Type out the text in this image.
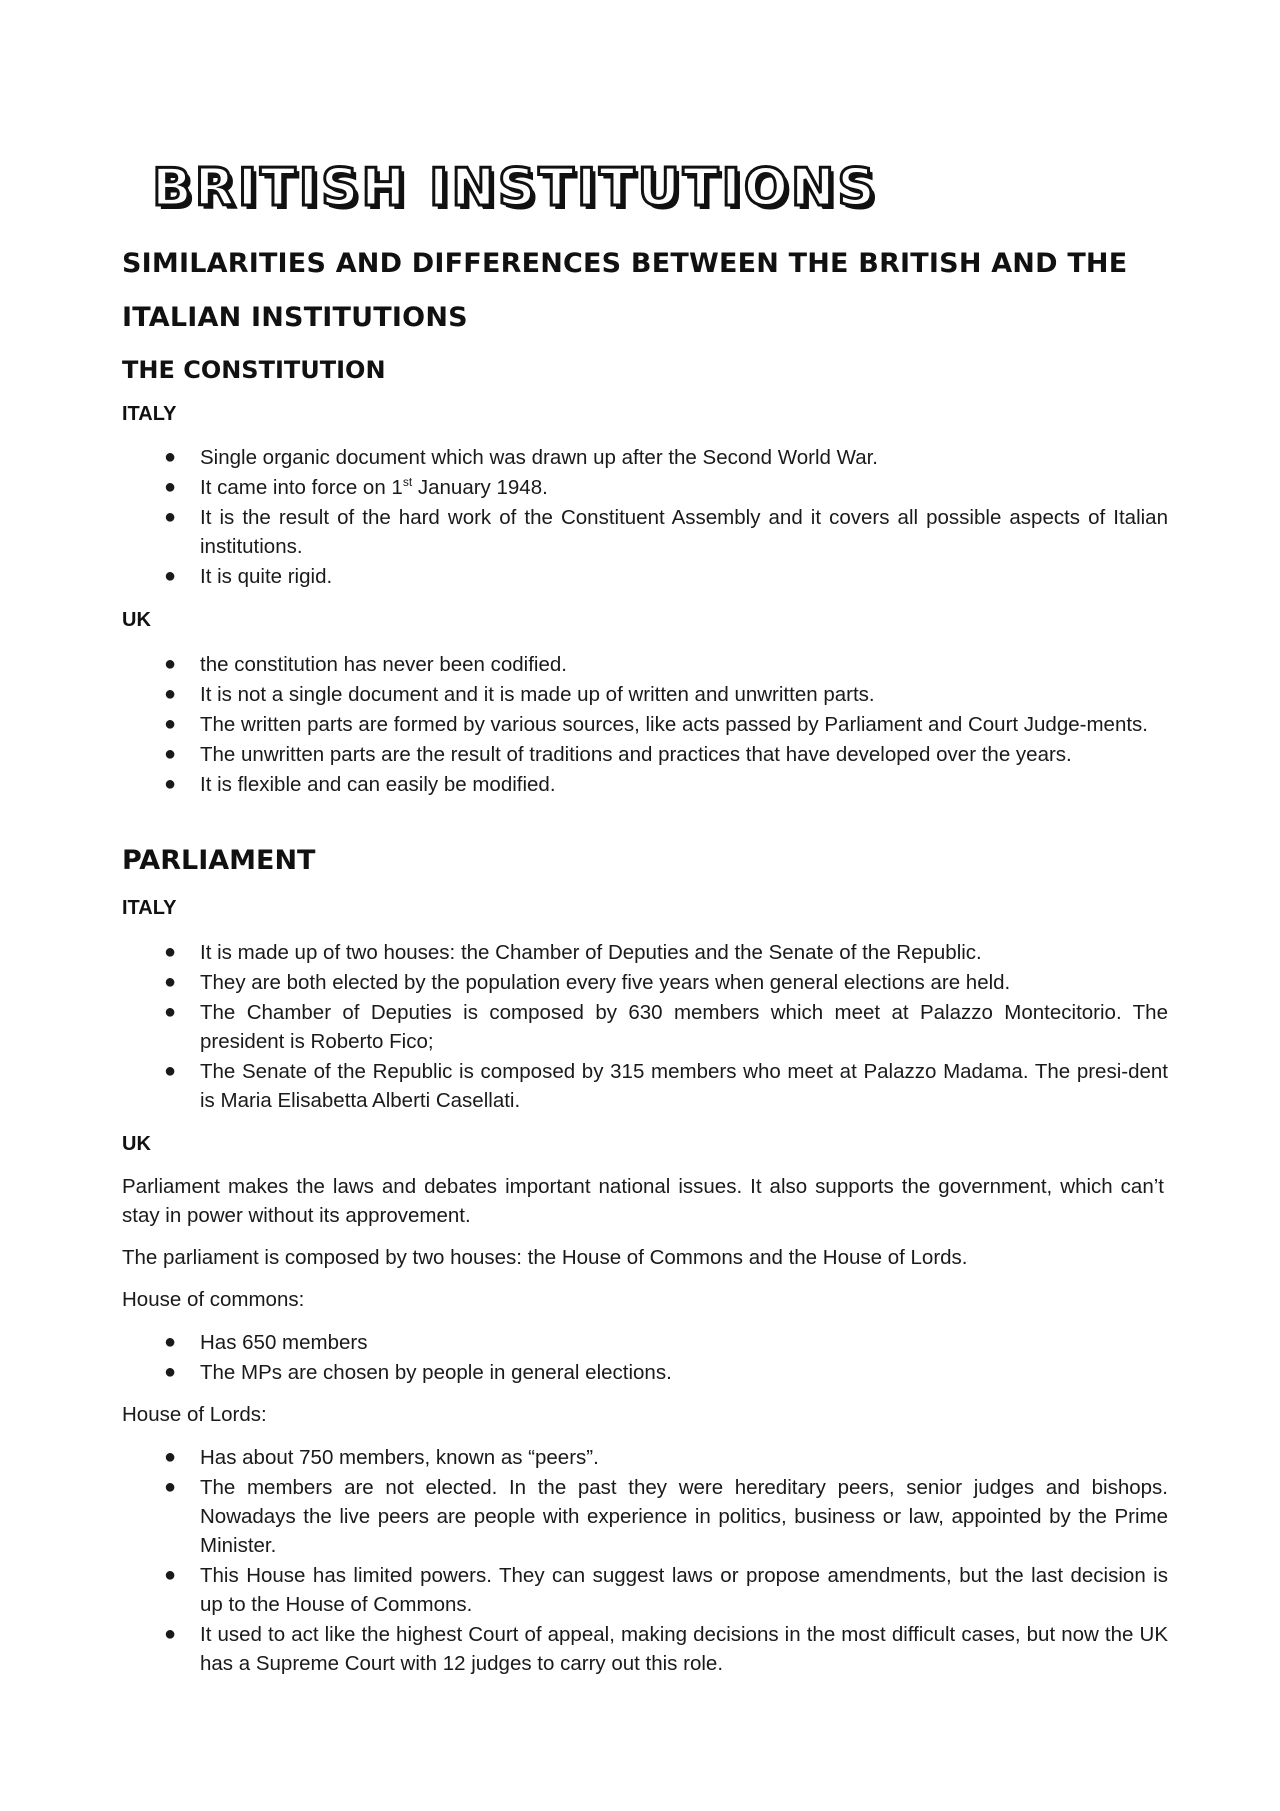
BRITISH INSTITUTIONS
SIMILARITIES AND DIFFERENCES BETWEEN THE BRITISH AND THE
ITALIAN INSTITUTIONS
THE CONSTITUTION
ITALY
● Single organic document which was drawn up after the Second World War.
● It came into force on 1st January 1948.
● It is the result of the hard work of the Constituent Assembly and it covers all possible aspects of Italian institutions.
● It is quite rigid.
UK
● the constitution has never been codified.
● It is not a single document and it is made up of written and unwritten parts.
● The written parts are formed by various sources, like acts passed by Parliament and Court Judge-ments.
● The unwritten parts are the result of traditions and practices that have developed over the years.
● It is flexible and can easily be modified.
PARLIAMENT
ITALY
● It is made up of two houses: the Chamber of Deputies and the Senate of the Republic.
● They are both elected by the population every five years when general elections are held.
● The Chamber of Deputies is composed by 630 members which meet at Palazzo Montecitorio. The president is Roberto Fico;
● The Senate of the Republic is composed by 315 members who meet at Palazzo Madama. The presi-dent is Maria Elisabetta Alberti Casellati.
UK
Parliament makes the laws and debates important national issues. It also supports the government, which can’t stay in power without its approvement.
The parliament is composed by two houses: the House of Commons and the House of Lords.
House of commons:
● Has 650 members
● The MPs are chosen by people in general elections.
House of Lords:
● Has about 750 members, known as “peers”.
● The members are not elected. In the past they were hereditary peers, senior judges and bishops. Nowadays the live peers are people with experience in politics, business or law, appointed by the Prime Minister.
● This House has limited powers. They can suggest laws or propose amendments, but the last decision is up to the House of Commons.
● It used to act like the highest Court of appeal, making decisions in the most difficult cases, but now the UK has a Supreme Court with 12 judges to carry out this role.
